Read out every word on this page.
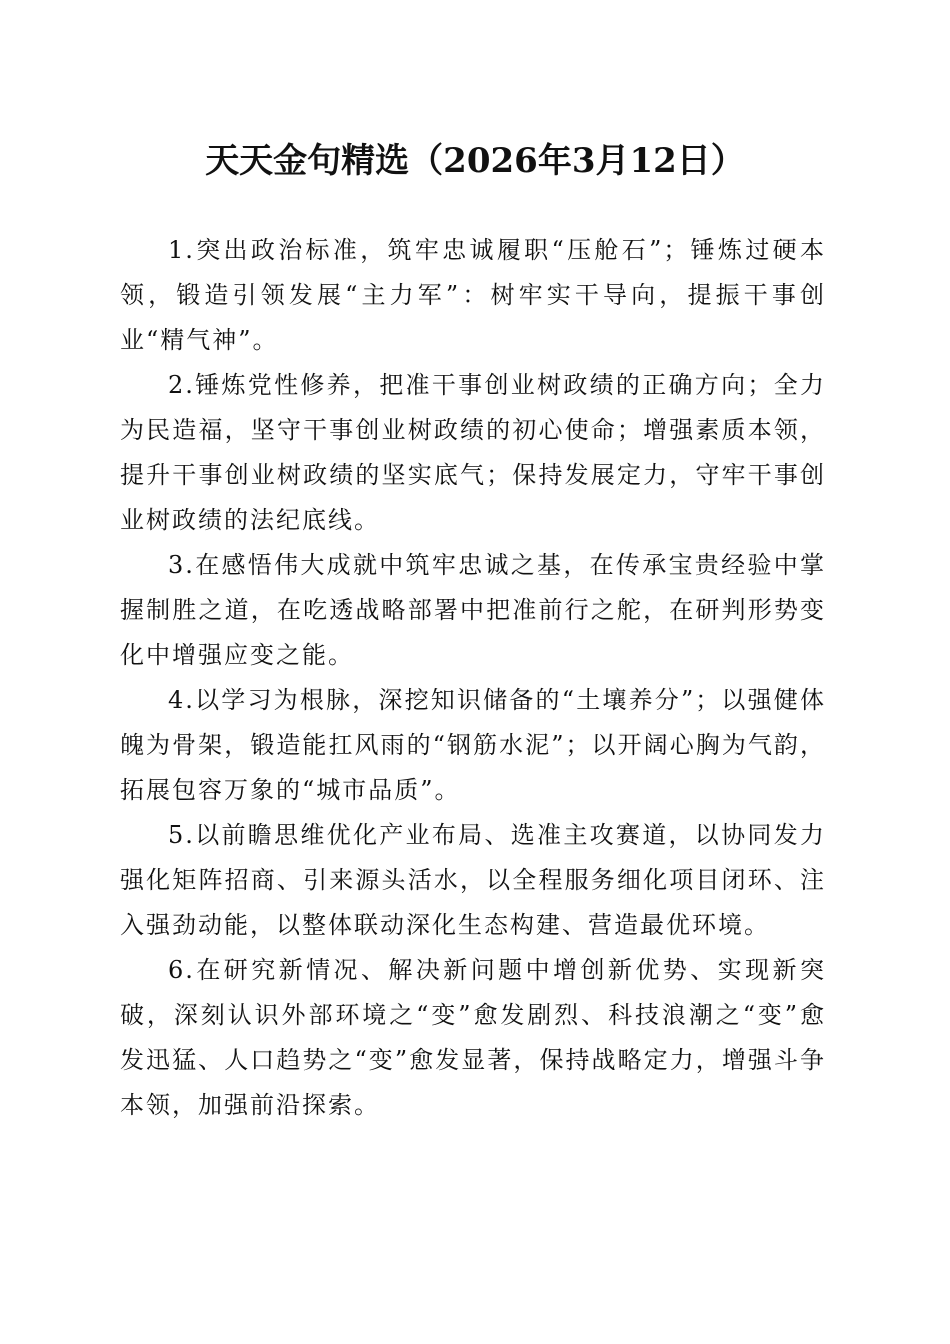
天天金句精选（2026年3月12日）

1.突出政治标准，筑牢忠诚履职“压舱石”；锤炼过硬本领，锻造引领发展“主力军”：树牢实干导向，提振干事创业“精气神”。

2.锤炼党性修养，把准干事创业树政绩的正确方向；全力为民造福，坚守干事创业树政绩的初心使命；增强素质本领，提升干事创业树政绩的坚实底气；保持发展定力，守牢干事创业树政绩的法纪底线。

3.在感悟伟大成就中筑牢忠诚之基，在传承宝贵经验中掌握制胜之道，在吃透战略部署中把准前行之舵，在研判形势变化中增强应变之能。

4.以学习为根脉，深挖知识储备的“土壤养分”；以强健体魄为骨架，锻造能扛风雨的“钢筋水泥”；以开阔心胸为气韵，拓展包容万象的“城市品质”。

5.以前瞻思维优化产业布局、选准主攻赛道，以协同发力强化矩阵招商、引来源头活水，以全程服务细化项目闭环、注入强劲动能，以整体联动深化生态构建、营造最优环境。

6.在研究新情况、解决新问题中增创新优势、实现新突破，深刻认识外部环境之“变”愈发剧烈、科技浪潮之“变”愈发迅猛、人口趋势之“变”愈发显著，保持战略定力，增强斗争本领，加强前沿探索。
